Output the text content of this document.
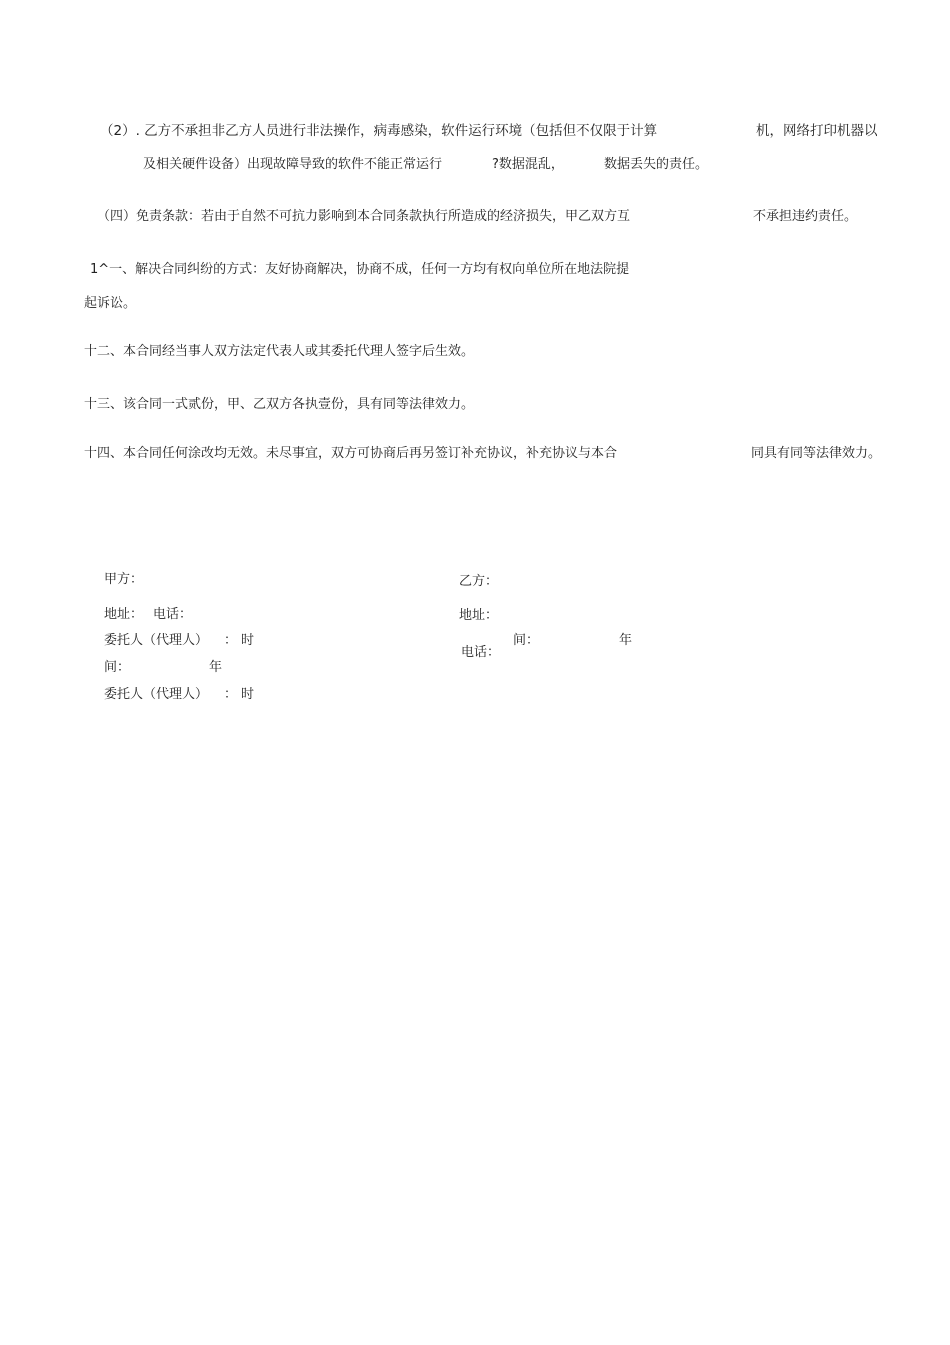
（2）. 乙方不承担非乙方人员进行非法操作，病毒感染，软件运行环境（包括但不仅限于计算	机，网络打印机器以
及相关硬件设备）出现故障导致的软件不能正常运行	?数据混乱，	数据丢失的责任。
（四）免责条款：若由于自然不可抗力影响到本合同条款执行所造成的经济损失，甲乙双方互	不承担违约责任。
1^一、解决合同纠纷的方式：友好协商解决，协商不成，任何一方均有权向单位所在地法院提
起诉讼。
十二、本合同经当事人双方法定代表人或其委托代理人签字后生效。
十三、该合同一式贰份，甲、乙双方各执壹份，具有同等法律效力。
十四、本合同任何涂改均无效。未尽事宜，双方可协商后再另签订补充协议，补充协议与本合	同具有同等法律效力。
甲方：
地址： 电话：
委托人（代理人） ： 时
间：	年
委托人（代理人） ： 时
乙方：
地址：
间：	年
电话：
